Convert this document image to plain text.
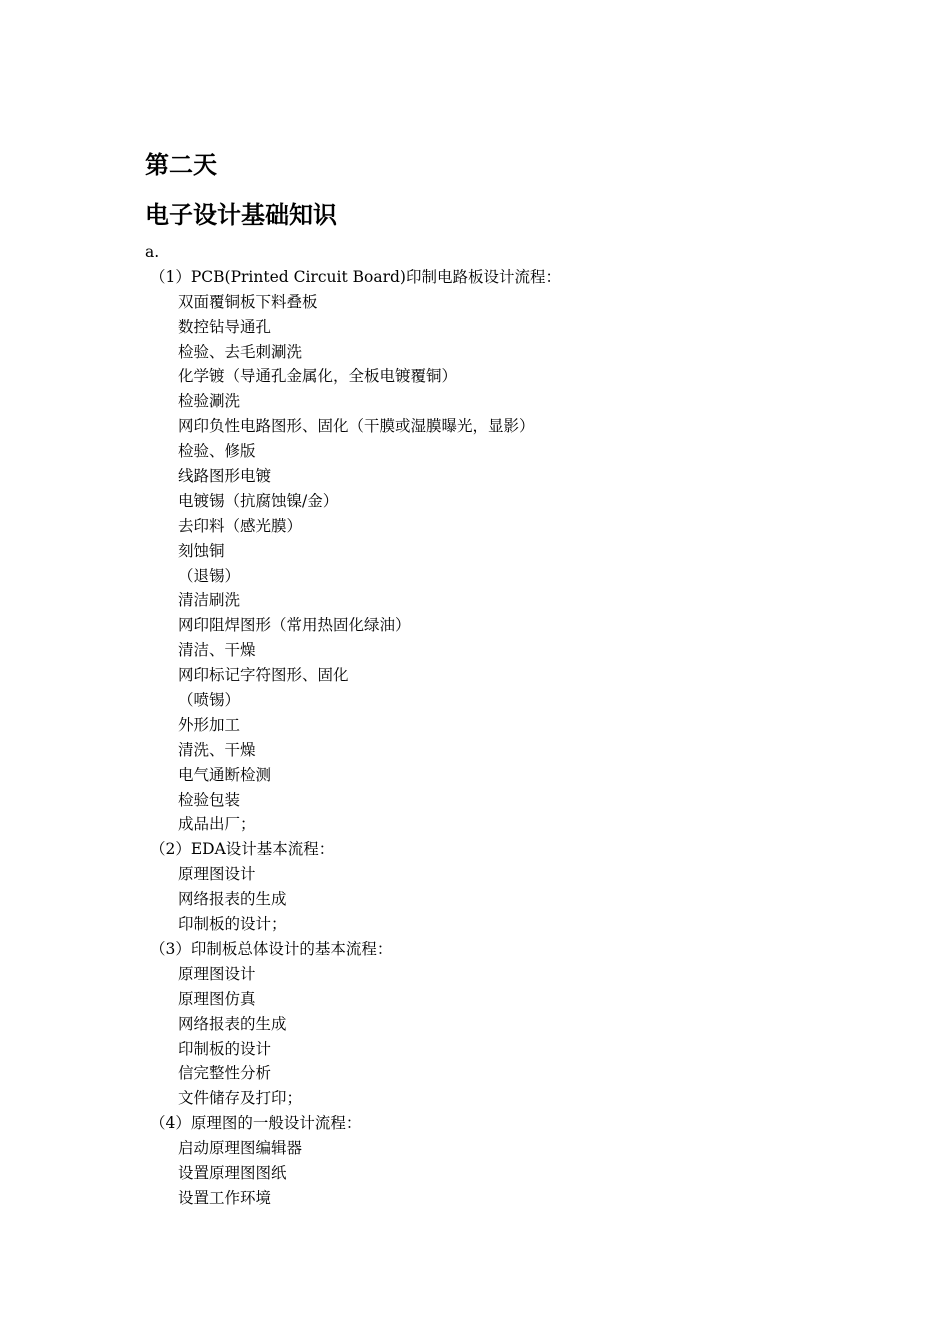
第二天
电子设计基础知识
a.
（1）PCB(Printed Circuit Board)印制电路板设计流程：
双面覆铜板下料叠板
数控钻导通孔
检验、去毛刺涮洗
化学镀（导通孔金属化，全板电镀覆铜）
检验涮洗
网印负性电路图形、固化（干膜或湿膜曝光，显影）
检验、修版
线路图形电镀
电镀锡（抗腐蚀镍/金）
去印料（感光膜）
刻蚀铜
（退锡）
清洁刷洗
网印阻焊图形（常用热固化绿油）
清洁、干燥
网印标记字符图形、固化
（喷锡）
外形加工
清洗、干燥
电气通断检测
检验包装
成品出厂；
（2）EDA设计基本流程：
原理图设计
网络报表的生成
印制板的设计；
（3）印制板总体设计的基本流程：
原理图设计
原理图仿真
网络报表的生成
印制板的设计
信完整性分析
文件储存及打印；
（4）原理图的一般设计流程：
启动原理图编辑器
设置原理图图纸
设置工作环境
